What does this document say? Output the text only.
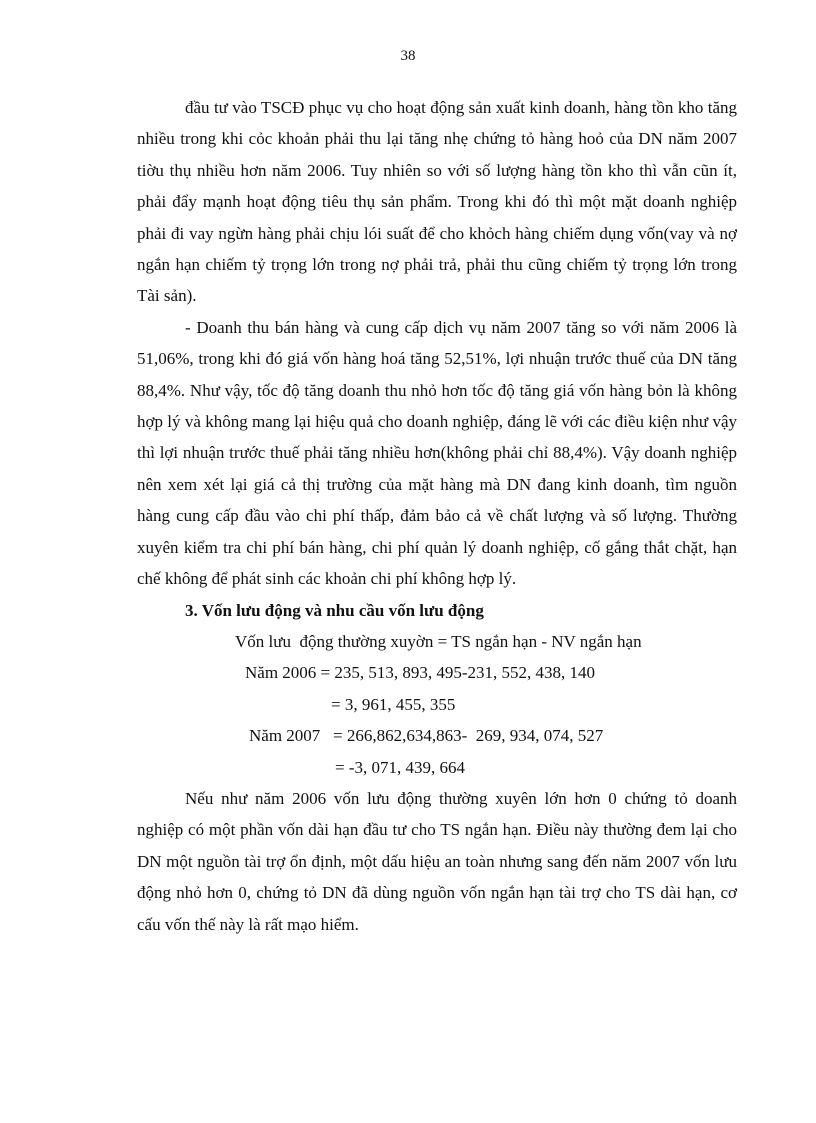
38

đầu tư vào TSCĐ phục vụ cho hoạt động sản xuất kinh doanh, hàng tồn kho tăng nhiều trong khi cỏc khoản phải thu lại tăng nhẹ chứng tỏ hàng hoỏ của DN năm 2007 tiờu thụ nhiều hơn năm 2006. Tuy nhiên so với số lượng hàng tồn kho thì vẫn cũn ít, phải đẩy mạnh hoạt động tiêu thụ sản phẩm. Trong khi đó thì một mặt doanh nghiệp phải đi vay ngừn hàng phải chịu lói suất để cho khỏch hàng chiếm dụng vốn(vay và nợ ngắn hạn chiếm tỷ trọng lớn trong nợ phải trả, phải thu cũng chiếm tỷ trọng lớn trong Tài sản).

- Doanh thu bán hàng và cung cấp dịch vụ năm 2007 tăng so với năm 2006 là 51,06%, trong khi đó giá vốn hàng hoá tăng 52,51%, lợi nhuận trước thuế của DN tăng 88,4%. Như vậy, tốc độ tăng doanh thu nhỏ hơn tốc độ tăng giá vốn hàng bỏn là không hợp lý và không mang lại hiệu quả cho doanh nghiệp, đáng lẽ với các điều kiện như vậy thì lợi nhuận trước thuế phải tăng nhiều hơn(không phải chỉ 88,4%). Vậy doanh nghiệp nên xem xét lại giá cả thị trường của mặt hàng mà DN đang kinh doanh, tìm nguồn hàng cung cấp đầu vào chi phí thấp, đảm bảo cả về chất lượng và số lượng. Thường xuyên kiểm tra chi phí bán hàng, chi phí quản lý doanh nghiệp, cố gắng thắt chặt, hạn chế không để phát sinh các khoản chi phí không hợp lý.

3. Vốn lưu động và nhu cầu vốn lưu động

Vốn lưu  động thường xuyờn = TS ngắn hạn - NV ngắn hạn

Năm 2006 = 235, 513, 893, 495-231, 552, 438, 140

= 3, 961, 455, 355

Năm 2007   = 266,862,634,863-  269, 934, 074, 527

= -3, 071, 439, 664

Nếu như năm 2006 vốn lưu động thường xuyên lớn hơn 0 chứng tỏ doanh nghiệp có một phần vốn dài hạn đầu tư cho TS ngắn hạn. Điều này thường đem lại cho DN một nguồn tài trợ ổn định, một dấu hiệu an toàn nhưng sang đến năm 2007 vốn lưu động nhỏ hơn 0, chứng tỏ DN đã dùng nguồn vốn ngắn hạn tài trợ cho TS dài hạn, cơ cấu vốn thế này là rất mạo hiểm.
